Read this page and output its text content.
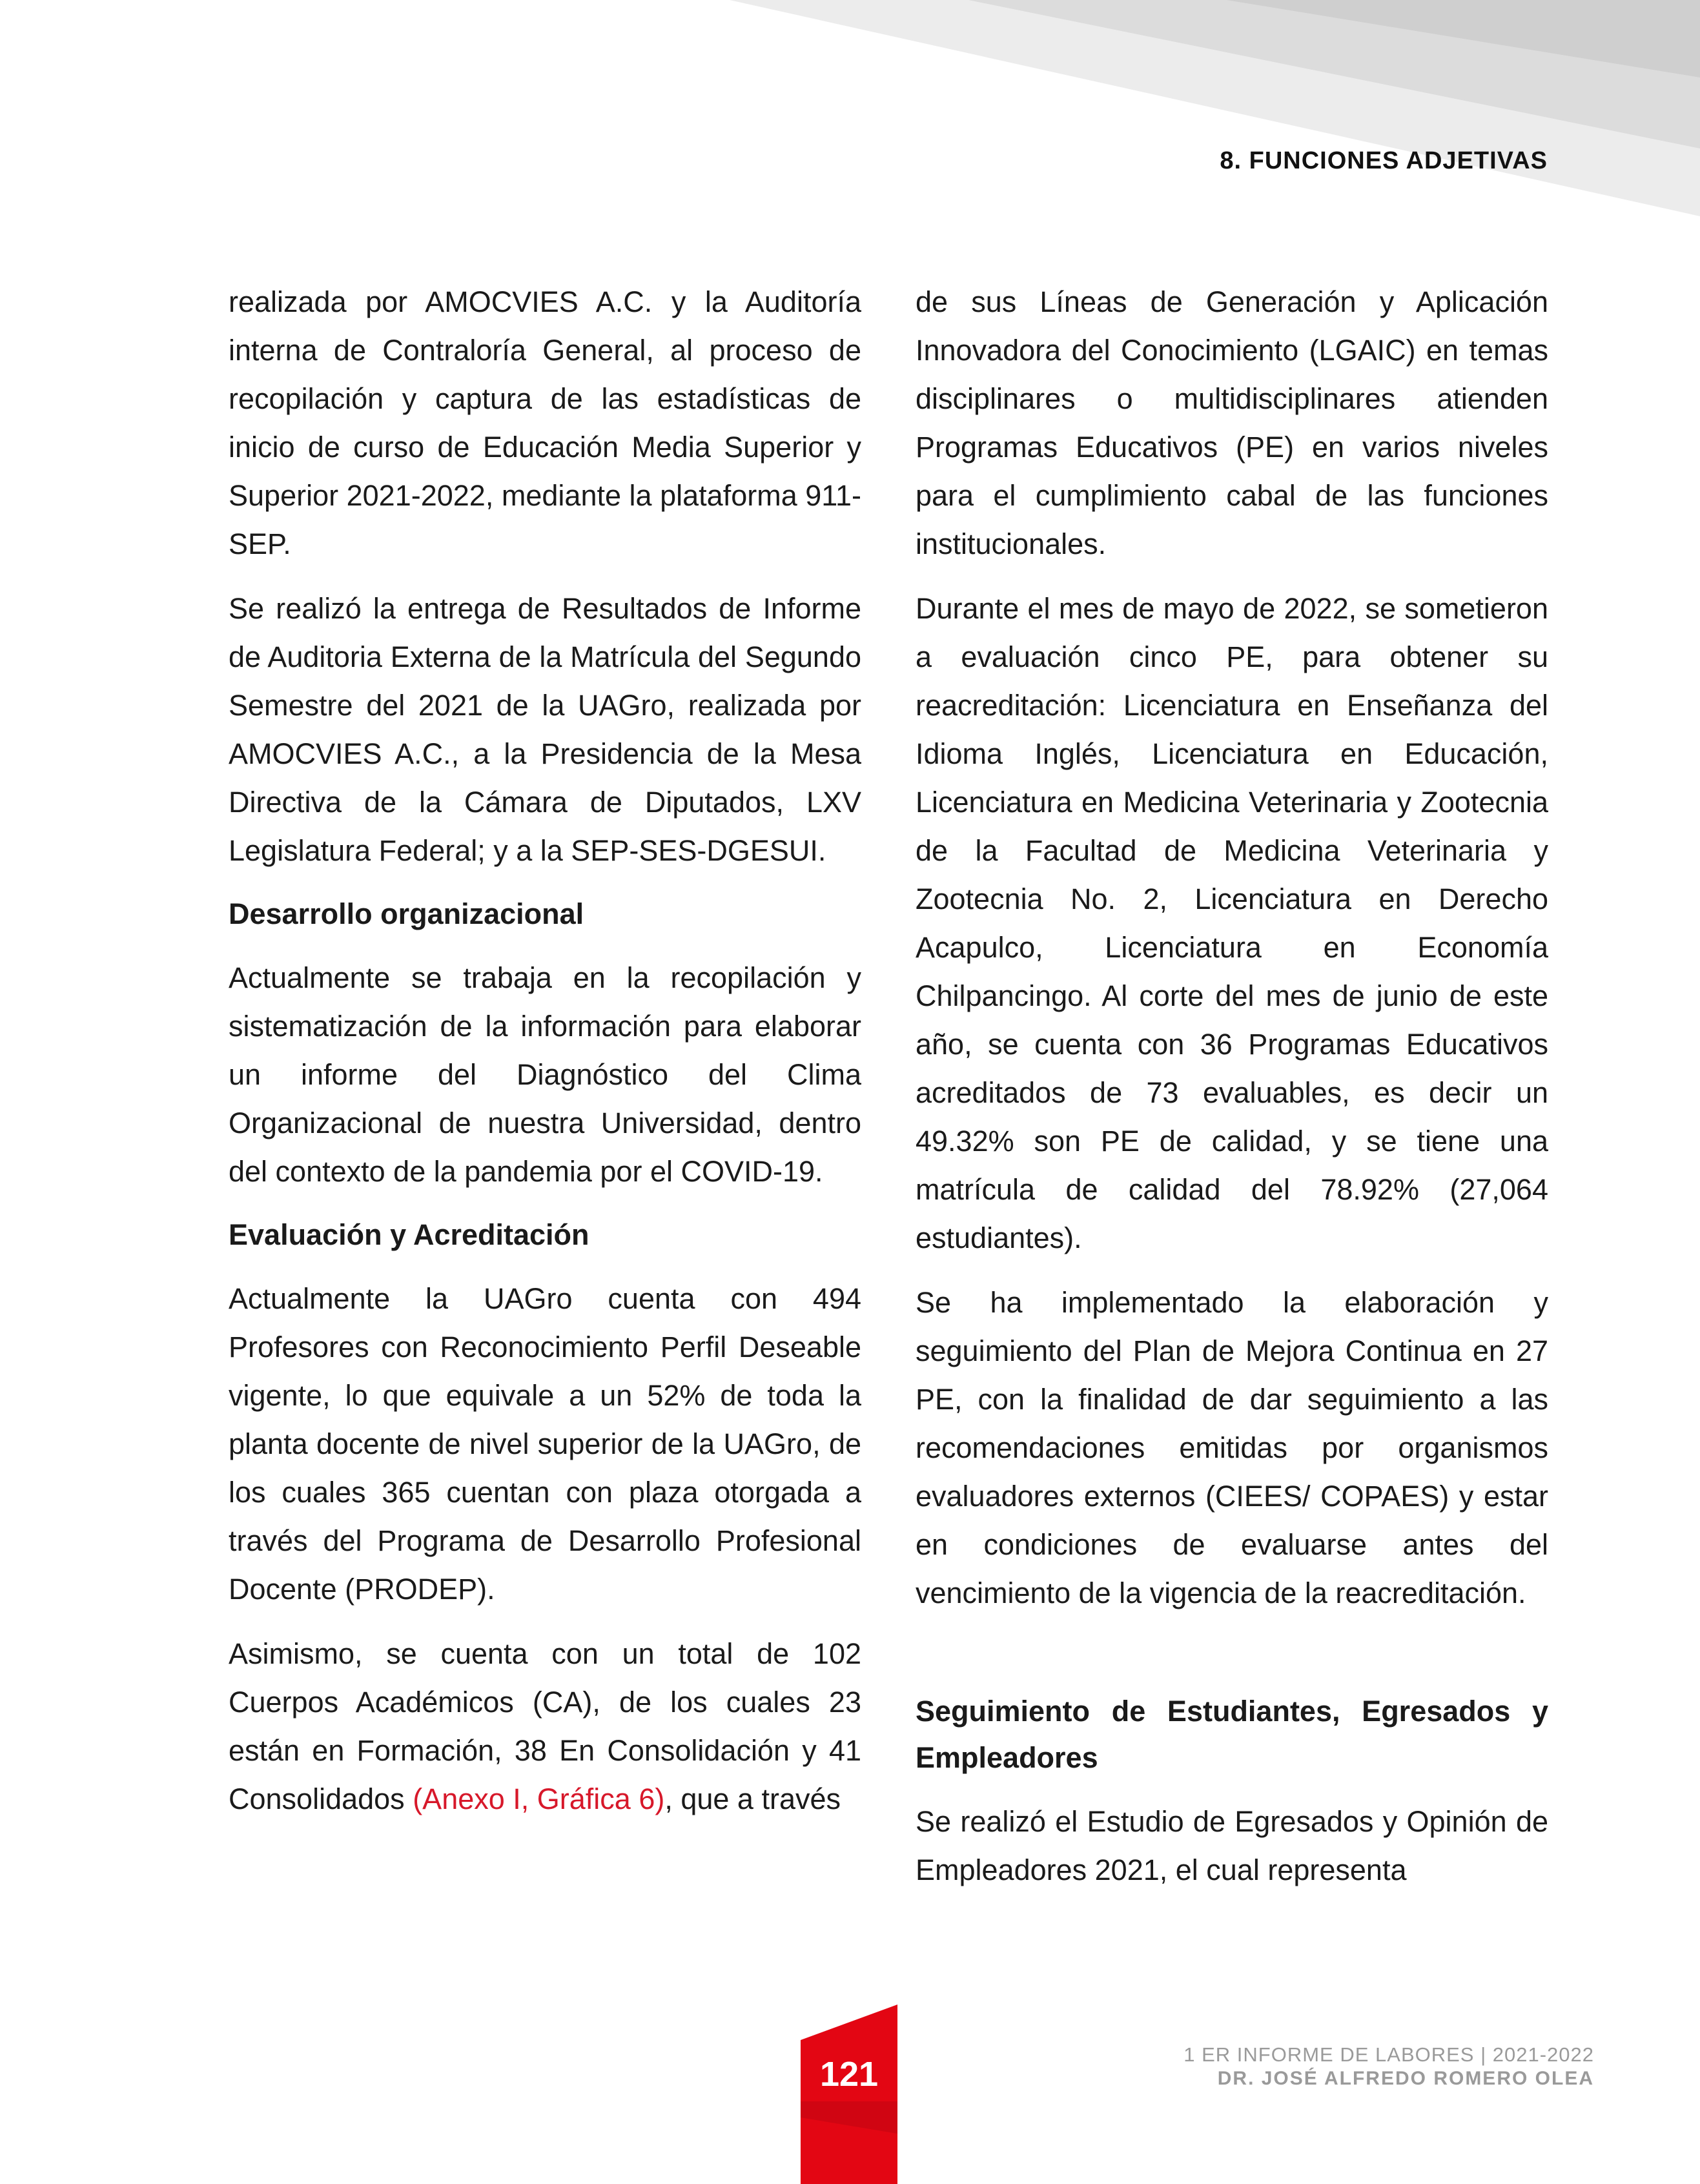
8. FUNCIONES ADJETIVAS

realizada por AMOCVIES A.C. y la Auditoría interna de Contraloría General, al proceso de recopilación y captura de las estadísticas de inicio de curso de Educación Media Superior y Superior 2021-2022, mediante la plataforma 911-SEP.

Se realizó la entrega de Resultados de Informe de Auditoria Externa de la Matrícula del Segundo Semestre del 2021 de la UAGro, realizada por AMOCVIES A.C., a la Presidencia de la Mesa Directiva de la Cámara de Diputados, LXV Legislatura Federal; y a la SEP-SES-DGESUI.

Desarrollo organizacional

Actualmente se trabaja en la recopilación y sistematización de la información para elaborar un informe del Diagnóstico del Clima Organizacional de nuestra Universidad, dentro del contexto de la pandemia por el COVID-19.

Evaluación y Acreditación

Actualmente la UAGro cuenta con 494 Profesores con Reconocimiento Perfil Deseable vigente, lo que equivale a un 52% de toda la planta docente de nivel superior de la UAGro, de los cuales 365 cuentan con plaza otorgada a través del Programa de Desarrollo Profesional Docente (PRODEP).

Asimismo, se cuenta con un total de 102 Cuerpos Académicos (CA), de los cuales 23 están en Formación, 38 En Consolidación y 41 Consolidados (Anexo I, Gráfica 6), que a través

de sus Líneas de Generación y Aplicación Innovadora del Conocimiento (LGAIC) en temas disciplinares o multidisciplinares atienden Programas Educativos (PE) en varios niveles para el cumplimiento cabal de las funciones institucionales.

Durante el mes de mayo de 2022, se sometieron a evaluación cinco PE, para obtener su reacreditación: Licenciatura en Enseñanza del Idioma Inglés, Licenciatura en Educación, Licenciatura en Medicina Veterinaria y Zootecnia de la Facultad de Medicina Veterinaria y Zootecnia No. 2, Licenciatura en Derecho Acapulco, Licenciatura en Economía Chilpancingo. Al corte del mes de junio de este año, se cuenta con 36 Programas Educativos acreditados de 73 evaluables, es decir un 49.32% son PE de calidad, y se tiene una matrícula de calidad del 78.92% (27,064 estudiantes).

Se ha implementado la elaboración y seguimiento del Plan de Mejora Continua en 27 PE, con la finalidad de dar seguimiento a las recomendaciones emitidas por organismos evaluadores externos (CIEES/ COPAES) y estar en condiciones de evaluarse antes del vencimiento de la vigencia de la reacreditación.

Seguimiento de Estudiantes, Egresados y Empleadores

Se realizó el Estudio de Egresados y Opinión de Empleadores 2021, el cual representa

121
1 ER INFORME DE LABORES | 2021-2022
DR. JOSÉ ALFREDO ROMERO OLEA
